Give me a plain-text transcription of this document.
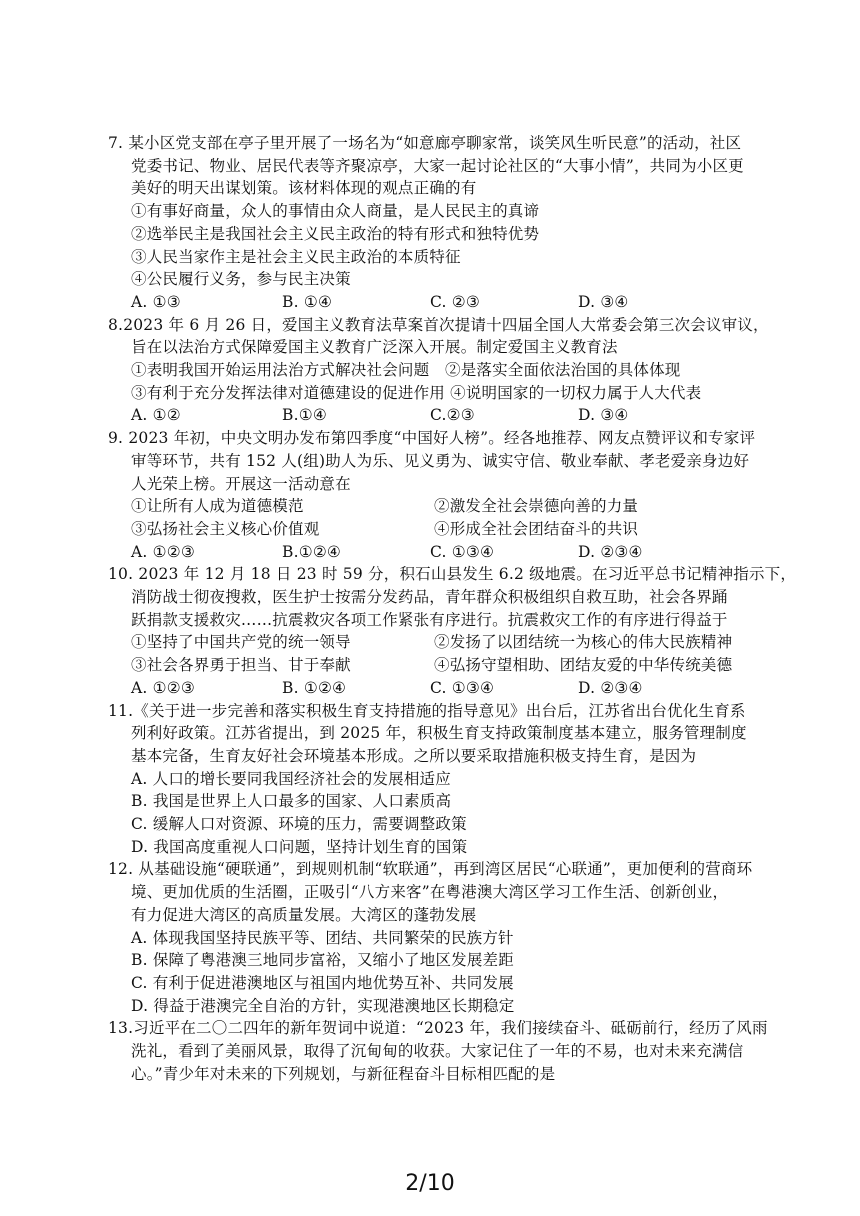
7. 某小区党支部在亭子里开展了一场名为“如意廊亭聊家常，谈笑风生听民意”的活动，社区
党委书记、物业、居民代表等齐聚凉亭，大家一起讨论社区的“大事小情”，共同为小区更
美好的明天出谋划策。该材料体现的观点正确的有
①有事好商量，众人的事情由众人商量，是人民民主的真谛
②选举民主是我国社会主义民主政治的特有形式和独特优势
③人民当家作主是社会主义民主政治的本质特征
④公民履行义务，参与民主决策
A. ①③	B. ①④	C. ②③	D. ③④
8.2023 年 6 月 26 日，爱国主义教育法草案首次提请十四届全国人大常委会第三次会议审议，
旨在以法治方式保障爱国主义教育广泛深入开展。制定爱国主义教育法
①表明我国开始运用法治方式解决社会问题　②是落实全面依法治国的具体体现
③有利于充分发挥法律对道德建设的促进作用 ④说明国家的一切权力属于人大代表
A. ①②	B.①④	C.②③	D. ③④
9. 2023 年初，中央文明办发布第四季度“中国好人榜”。经各地推荐、网友点赞评议和专家评
审等环节，共有 152 人(组)助人为乐、见义勇为、诚实守信、敬业奉献、孝老爱亲身边好
人光荣上榜。开展这一活动意在
①让所有人成为道德模范	②激发全社会崇德向善的力量
③弘扬社会主义核心价值观	④形成全社会团结奋斗的共识
A. ①②③	B.①②④	C. ①③④	D. ②③④
10. 2023 年 12 月 18 日 23 时 59 分，积石山县发生 6.2 级地震。在习近平总书记精神指示下，
消防战士彻夜搜救，医生护士按需分发药品，青年群众积极组织自救互助，社会各界踊
跃捐款支援救灾……抗震救灾各项工作紧张有序进行。抗震救灾工作的有序进行得益于
①坚持了中国共产党的统一领导	②发扬了以团结统一为核心的伟大民族精神
③社会各界勇于担当、甘于奉献	④弘扬守望相助、团结友爱的中华传统美德
A. ①②③	B. ①②④	C. ①③④	D. ②③④
11.《关于进一步完善和落实积极生育支持措施的指导意见》出台后，江苏省出台优化生育系
列利好政策。江苏省提出，到 2025 年，积极生育支持政策制度基本建立，服务管理制度
基本完备，生育友好社会环境基本形成。之所以要采取措施积极支持生育，是因为
A. 人口的增长要同我国经济社会的发展相适应
B. 我国是世界上人口最多的国家、人口素质高
C. 缓解人口对资源、环境的压力，需要调整政策
D. 我国高度重视人口问题，坚持计划生育的国策
12. 从基础设施“硬联通”，到规则机制“软联通”，再到湾区居民“心联通”，更加便利的营商环
境、更加优质的生活圈，正吸引“八方来客”在粤港澳大湾区学习工作生活、创新创业，
有力促进大湾区的高质量发展。大湾区的蓬勃发展
A. 体现我国坚持民族平等、团结、共同繁荣的民族方针
B. 保障了粤港澳三地同步富裕，又缩小了地区发展差距
C. 有利于促进港澳地区与祖国内地优势互补、共同发展
D. 得益于港澳完全自治的方针，实现港澳地区长期稳定
13.习近平在二〇二四年的新年贺词中说道：“2023 年，我们接续奋斗、砥砺前行，经历了风雨
洗礼，看到了美丽风景，取得了沉甸甸的收获。大家记住了一年的不易，也对未来充满信
心。”青少年对未来的下列规划，与新征程奋斗目标相匹配的是
2/10
